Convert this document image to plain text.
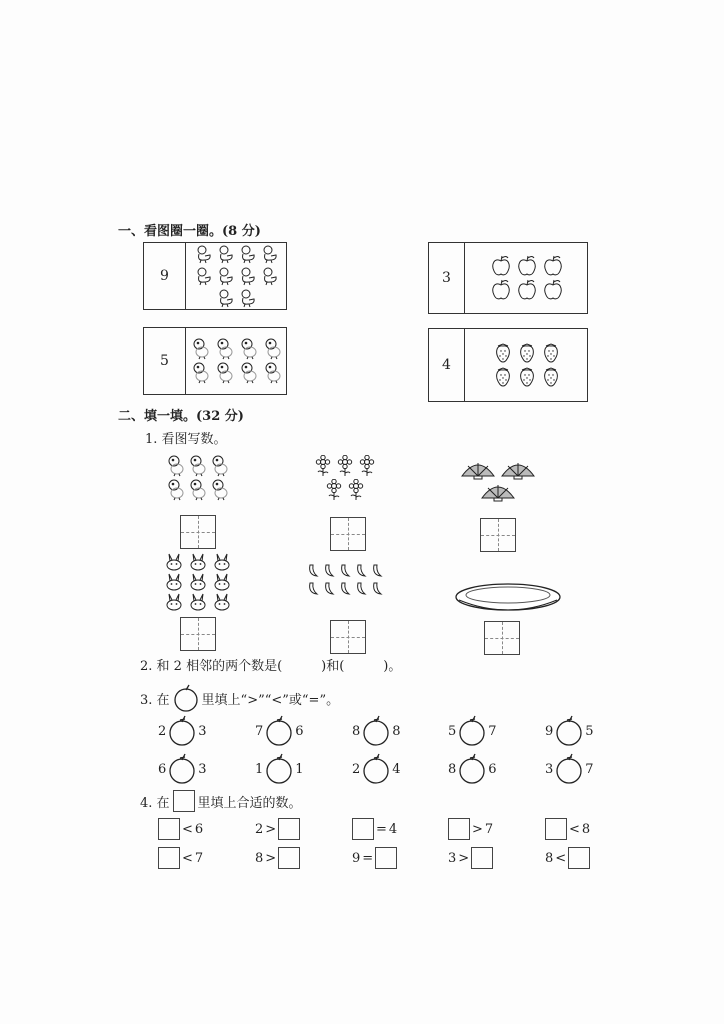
一、看图圈一圈。(8 分)
9
5
3
4
二、填一填。(32 分)
1. 看图写数。
2. 和 2 相邻的两个数是(　　　)和(　　　)。
3. 在 里填上“>”“<”或“=”。
2 3	7 6	8 8	5 7	9 5
6 3	1 1	2 4	8 6	3 7
4. 在 里填上合适的数。
< 6	2 >	= 4	> 7	< 8
< 7	8 >	9 =	3 >	8 <
